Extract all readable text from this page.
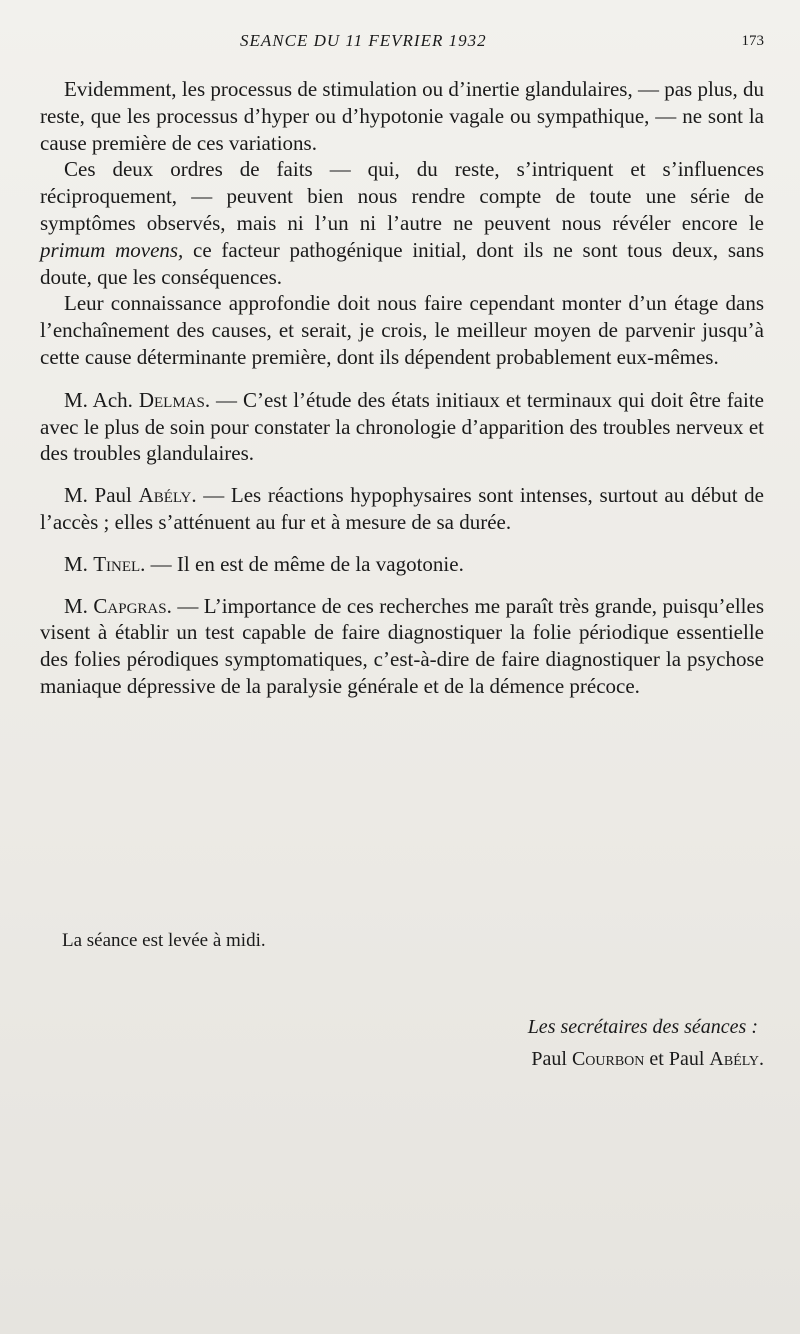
SEANCE DU 11 FEVRIER 1932	173

Evidemment, les processus de stimulation ou d’inertie glandulaires, — pas plus, du reste, que les processus d’hyper ou d’hypotonie vagale ou sympathique, — ne sont la cause première de ces variations.

Ces deux ordres de faits — qui, du reste, s’intriquent et s’influences réciproquement, — peuvent bien nous rendre compte de toute une série de symptômes observés, mais ni l’un ni l’autre ne peuvent nous révéler encore le primum movens, ce facteur pathogénique initial, dont ils ne sont tous deux, sans doute, que les conséquences.

Leur connaissance approfondie doit nous faire cependant monter d’un étage dans l’enchaînement des causes, et serait, je crois, le meilleur moyen de parvenir jusqu’à cette cause déterminante première, dont ils dépendent probablement eux-mêmes.

M. Ach. Delmas. — C’est l’étude des états initiaux et terminaux qui doit être faite avec le plus de soin pour constater la chronologie d’apparition des troubles nerveux et des troubles glandulaires.

M. Paul Abély. — Les réactions hypophysaires sont intenses, surtout au début de l’accès ; elles s’atténuent au fur et à mesure de sa durée.

M. Tinel. — Il en est de même de la vagotonie.

M. Capgras. — L’importance de ces recherches me paraît très grande, puisqu’elles visent à établir un test capable de faire diagnostiquer la folie périodique essentielle des folies pérodiques symptomatiques, c’est-à-dire de faire diagnostiquer la psychose maniaque dépressive de la paralysie générale et de la démence précoce.

La séance est levée à midi.
Les secrétaires des séances :
Paul Courbon et Paul Abély.
